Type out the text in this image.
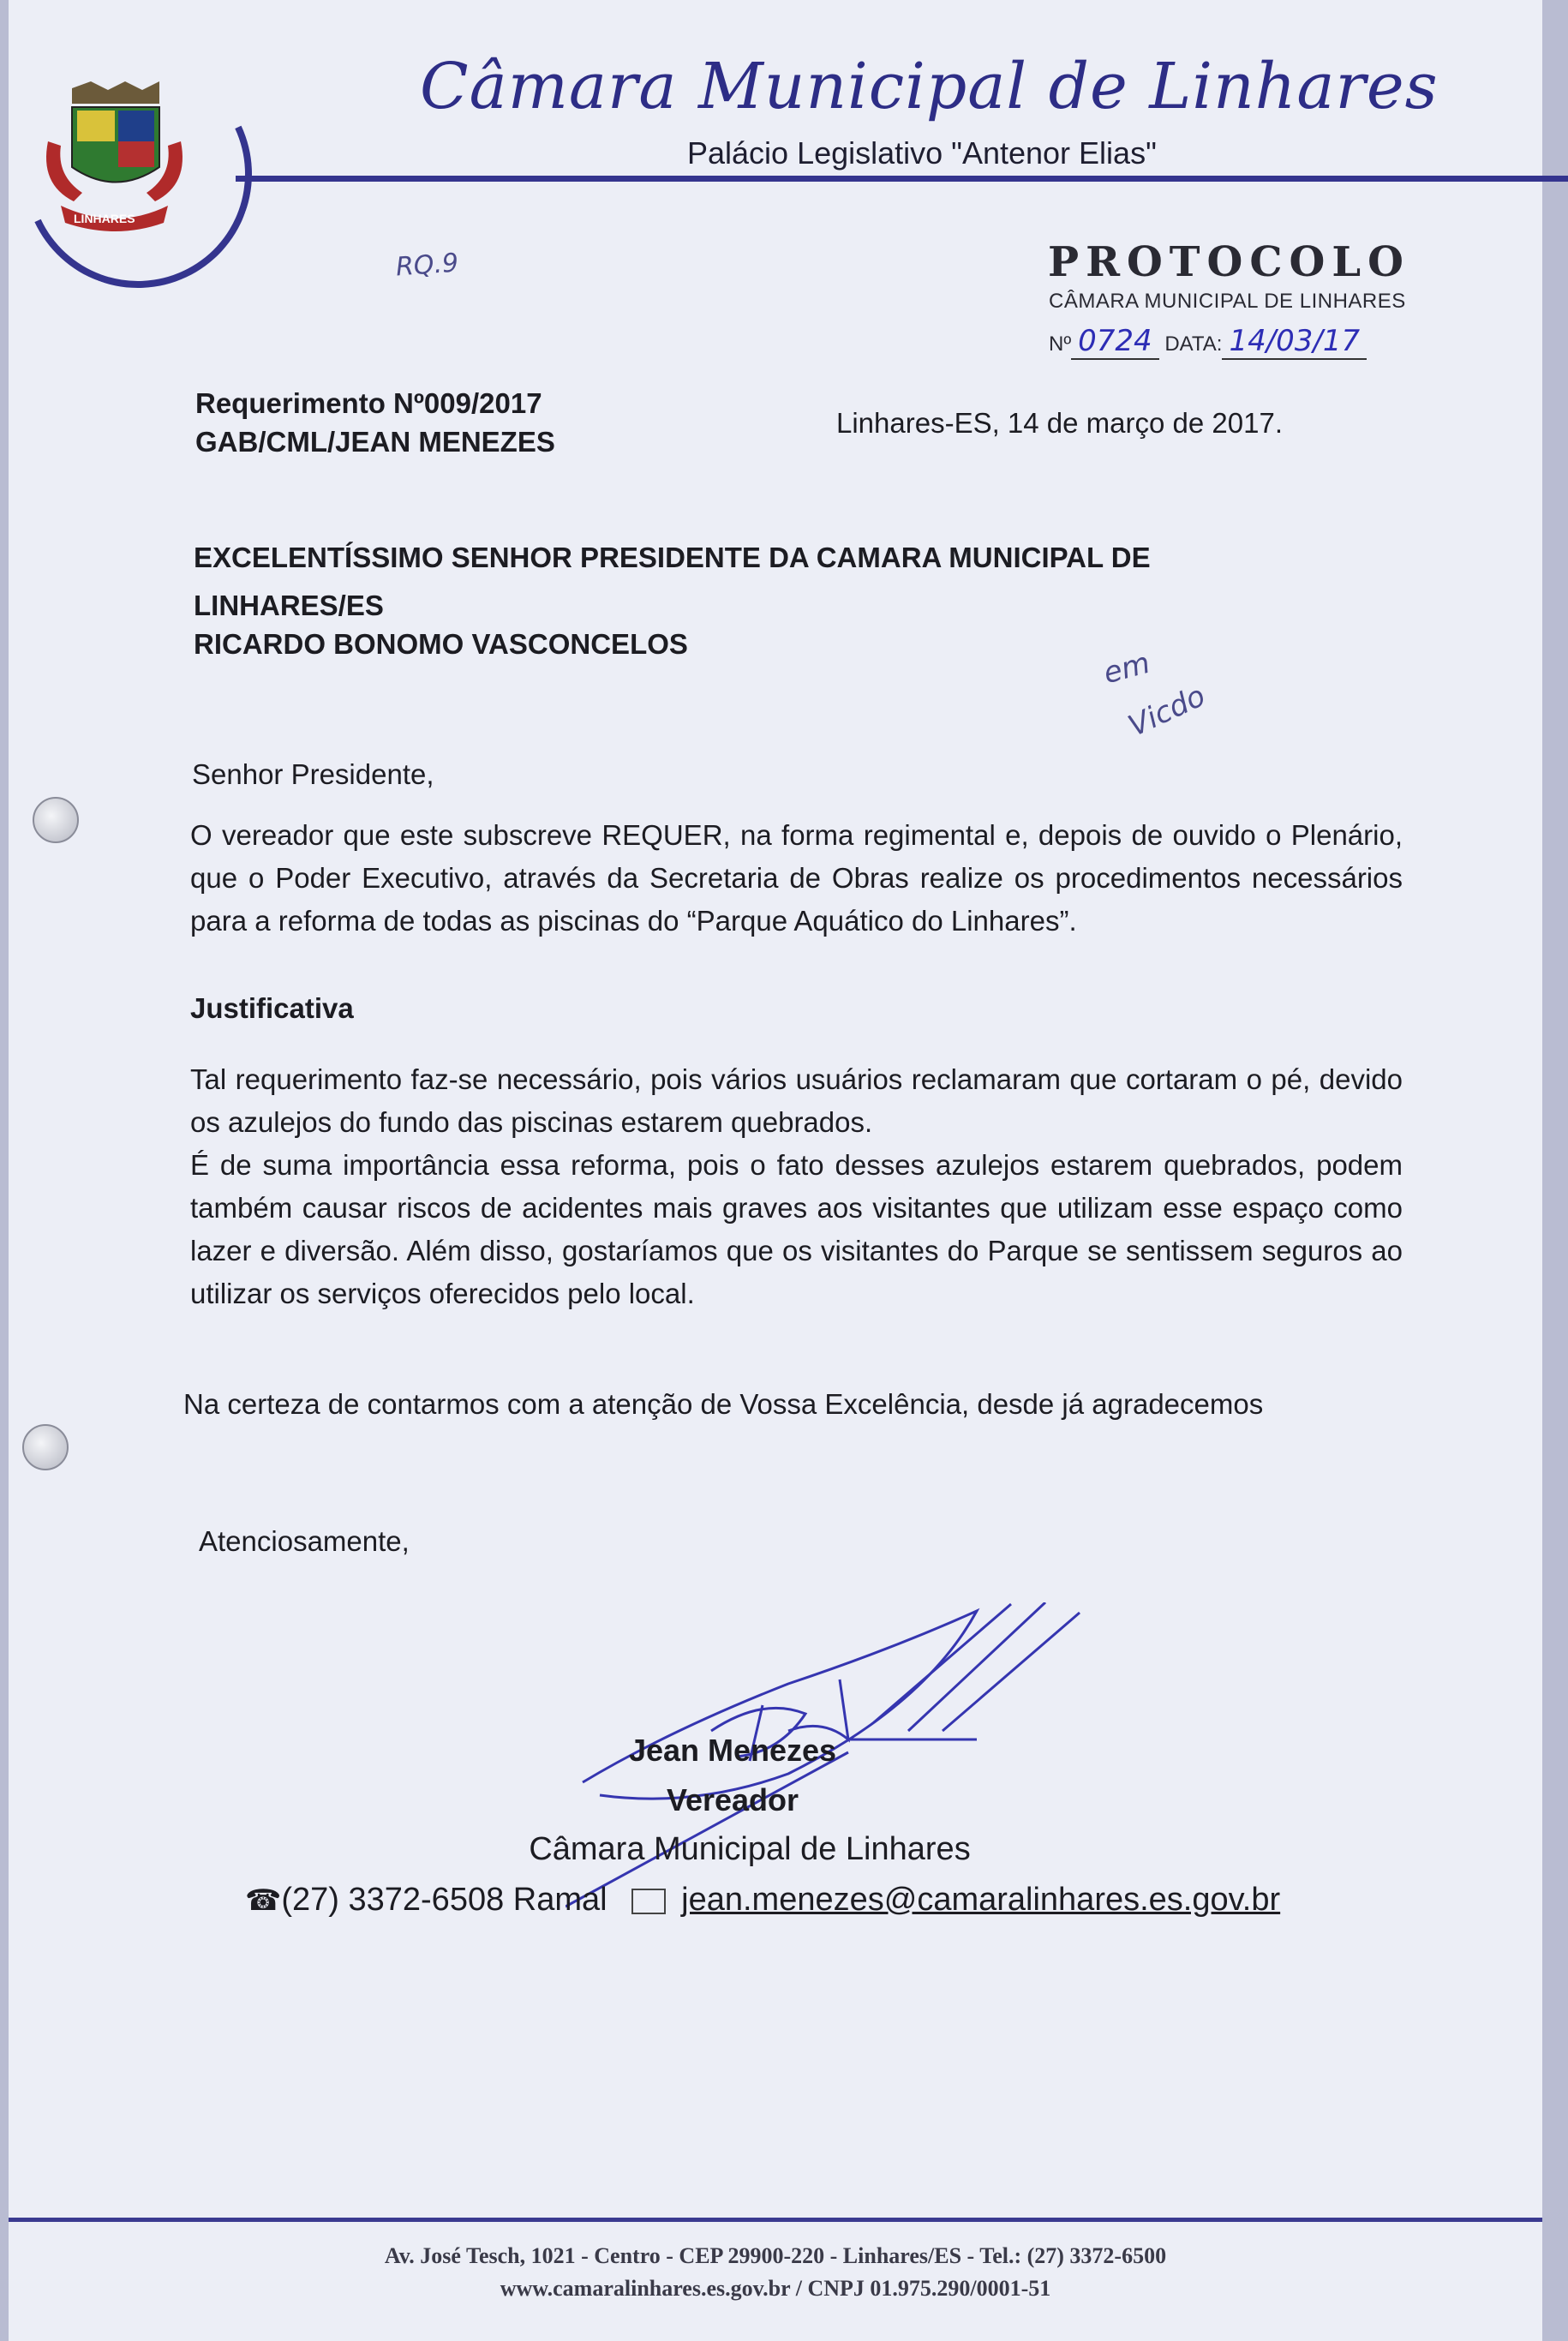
LINHARES
Câmara Municipal de Linhares
Palácio Legislativo "Antenor Elias"
PROTOCOLO
CÂMARA MUNICIPAL DE LINHARES
Nº 0724 DATA: 14/03/17
RQ.9
em
Vicdo
Requerimento Nº009/2017
GAB/CML/JEAN MENEZES
Linhares-ES, 14 de março de 2017.
EXCELENTÍSSIMO SENHOR PRESIDENTE DA CAMARA MUNICIPAL DE
LINHARES/ES
RICARDO BONOMO VASCONCELOS
Senhor Presidente,
O vereador que este subscreve REQUER, na forma regimental e, depois de ouvido o Plenário, que o Poder Executivo, através da Secretaria de Obras realize os procedimentos necessários para a reforma de todas as piscinas do “Parque Aquático do Linhares”.
Justificativa
Tal requerimento faz-se necessário, pois vários usuários reclamaram que cortaram o pé, devido os azulejos do fundo das piscinas estarem quebrados.
É de suma importância essa reforma, pois o fato desses azulejos estarem quebrados, podem também causar riscos de acidentes mais graves aos visitantes que utilizam esse espaço como lazer e diversão. Além disso, gostaríamos que os visitantes do Parque se sentissem seguros ao utilizar os serviços oferecidos pelo local.
Na certeza de contarmos com a atenção de Vossa Excelência, desde já agradecemos
Atenciosamente,
Jean Menezes
Vereador
Câmara Municipal de Linhares
☎(27) 3372-6508 Ramal jean.menezes@camaralinhares.es.gov.br
Av. José Tesch, 1021 - Centro - CEP 29900-220 - Linhares/ES - Tel.: (27) 3372-6500
www.camaralinhares.es.gov.br / CNPJ 01.975.290/0001-51
